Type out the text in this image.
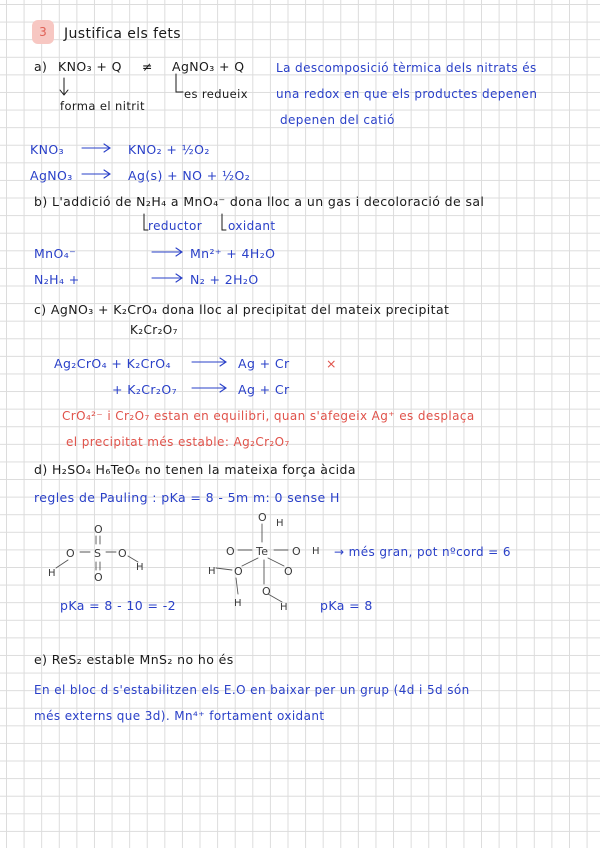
3	Justifica els fets
a) KNO₃ + Q ≠ AgNO₃ + Q
forma el nitrit
es redueix
La descomposició tèrmica dels nitrats és
una redox en que els productes depenen
depenen del catió
KNO₃	KNO₂ + ½O₂
AgNO₃	Ag(s) + NO + ½O₂
b) L'addició de N₂H₄ a MnO₄⁻ dona lloc a un gas i decoloració de sal
reductor oxidant
MnO₄⁻	Mn²⁺ + 4H₂O
N₂H₄ +	N₂ + 2H₂O
c) AgNO₃ + K₂CrO₄ dona lloc al precipitat del mateix precipitat
K₂Cr₂O₇
Ag₂CrO₄ + K₂CrO₄	Ag + Cr	×
+ K₂Cr₂O₇	Ag + Cr
CrO₄²⁻ i Cr₂O₇ estan en equilibri, quan s'afegeix Ag⁺ es desplaça
el precipitat més estable: Ag₂Cr₂O₇
d) H₂SO₄ H₆TeO₆ no tenen la mateixa força àcida
regles de Pauling : pKa = 8 - 5m m: 0 sense H
O
O S O
O
H
H
pKa = 8 - 10 = -2
O H
O Te O H
O	O
O
H
H	H
→ més gran, pot nºcord = 6
pKa = 8
e) ReS₂ estable MnS₂ no ho és
En el bloc d s'estabilitzen els E.O en baixar per un grup (4d i 5d són
més externs que 3d). Mn⁴⁺ fortament oxidant
